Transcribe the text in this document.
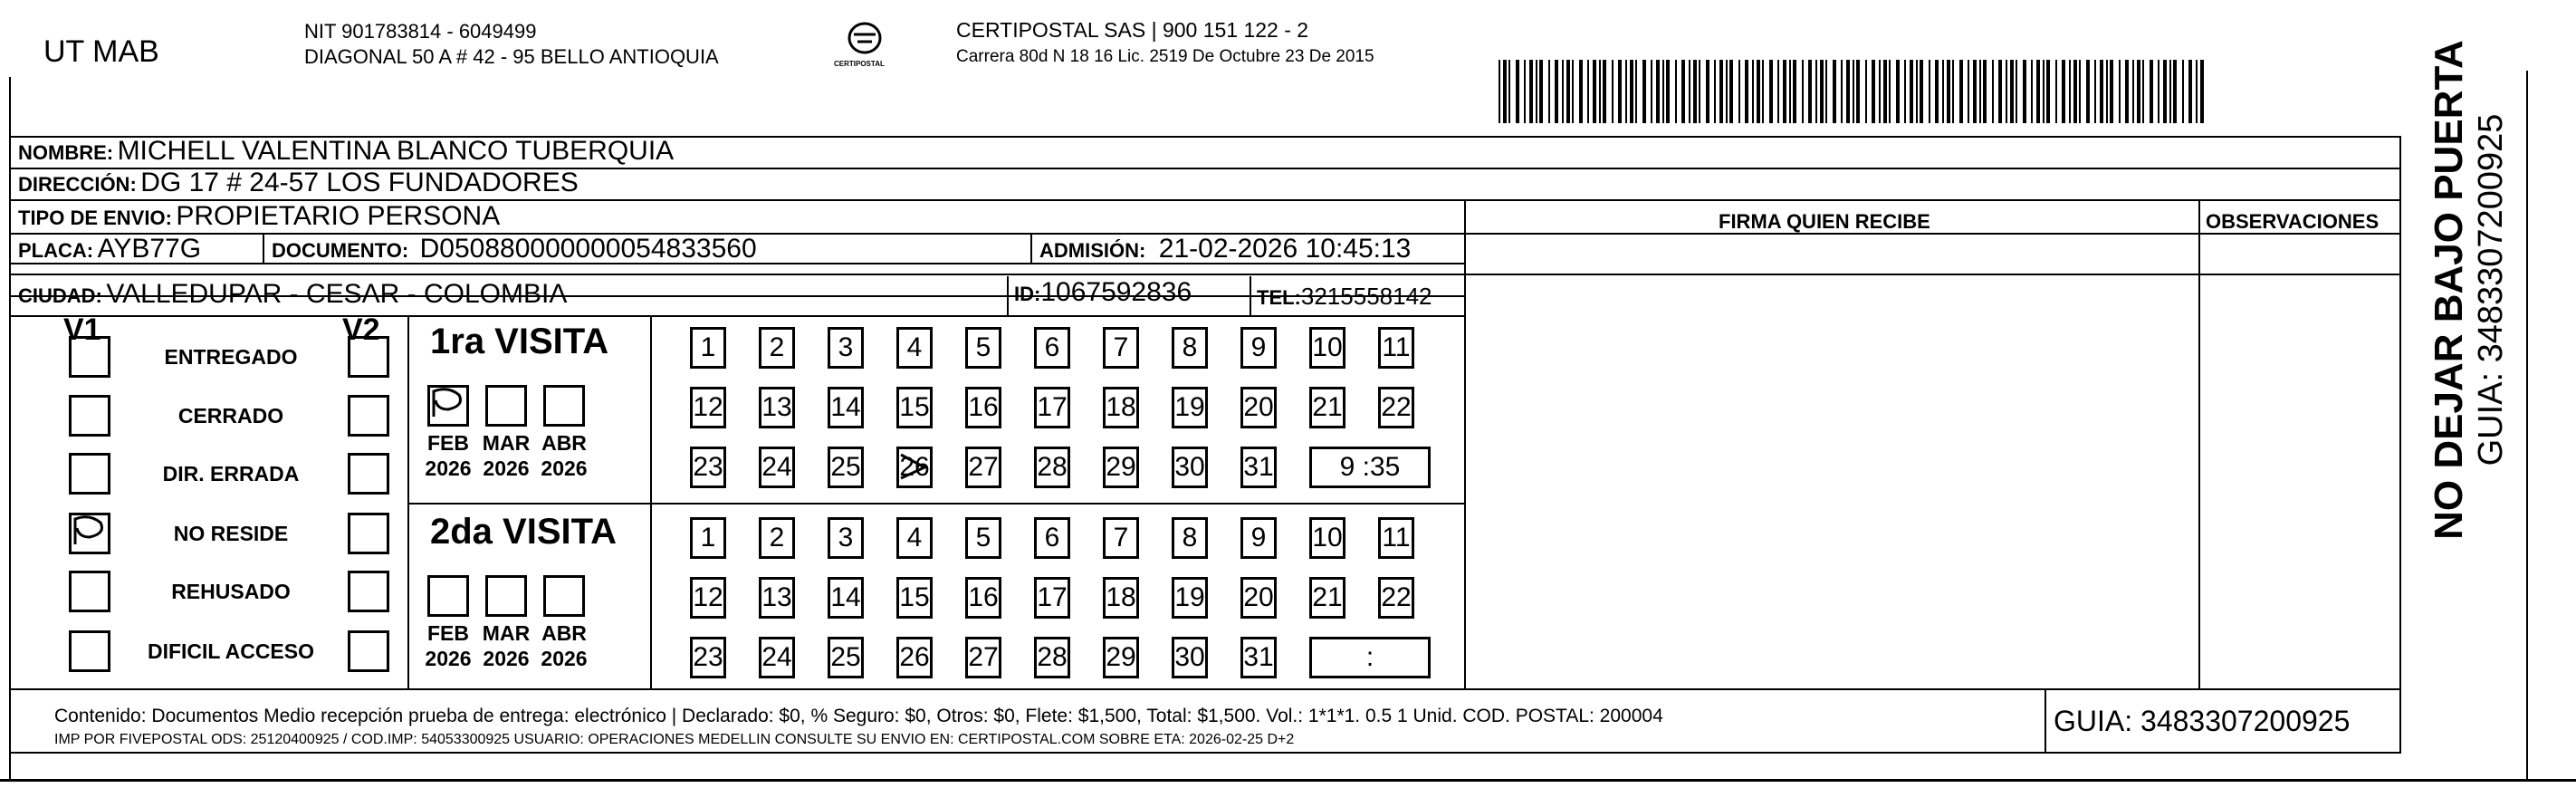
UT MAB
NIT 901783814 - 6049499
DIAGONAL 50 A # 42 - 95 BELLO ANTIOQUIA	CERTIPOSTAL
CERTIPOSTAL SAS | 900 151 122 - 2
Carrera 80d N 18 16 Lic. 2519 De Octubre 23 De 2015
NOMBRE: MICHELL VALENTINA BLANCO TUBERQUIA
DIRECCIÓN: DG 17 # 24-57 LOS FUNDADORES
TIPO DE ENVIO: PROPIETARIO PERSONA	FIRMA QUIEN RECIBE	OBSERVACIONES
PLACA: AYB77G	DOCUMENTO: D050880000000054833560	ADMISIÓN: 21-02-2026 10:45:13
CIUDAD: VALLEDUPAR - CESAR - COLOMBIA	ID:1067592836	TEL:3215558142
V1	V2
ENTREGADO
CERRADO
DIR. ERRADA
NO RESIDE
REHUSADO
DIFICIL ACCESO
1ra VISITA
FEB
2026
MAR
2026
ABR
2026
1	2	3	4	5	6	7	8	9	10 11
12 13 14 15 16 17 18 19 20 21 22
23 24 25 26 27 28 29 30 31	9 :35
2da VISITA
FEB
2026
MAR
2026
ABR
2026
1	2	3	4	5	6	7	8	9	10 11
12 13 14 15 16 17 18 19 20 21 22
23 24 25 26 27 28 29 30 31	:
Contenido: Documentos Medio recepción prueba de entrega: electrónico | Declarado: $0, % Seguro: $0, Otros: $0, Flete: $1,500, Total: $1,500. Vol.: 1*1*1. 0.5 1 Unid. COD. POSTAL: 200004
IMP POR FIVEPOSTAL ODS: 25120400925 / COD.IMP: 54053300925 USUARIO: OPERACIONES MEDELLIN CONSULTE SU ENVIO EN: CERTIPOSTAL.COM SOBRE ETA: 2026-02-25 D+2
GUIA: 3483307200925
NO DEJAR BAJO PUERTA GUIA: 3483307200925
